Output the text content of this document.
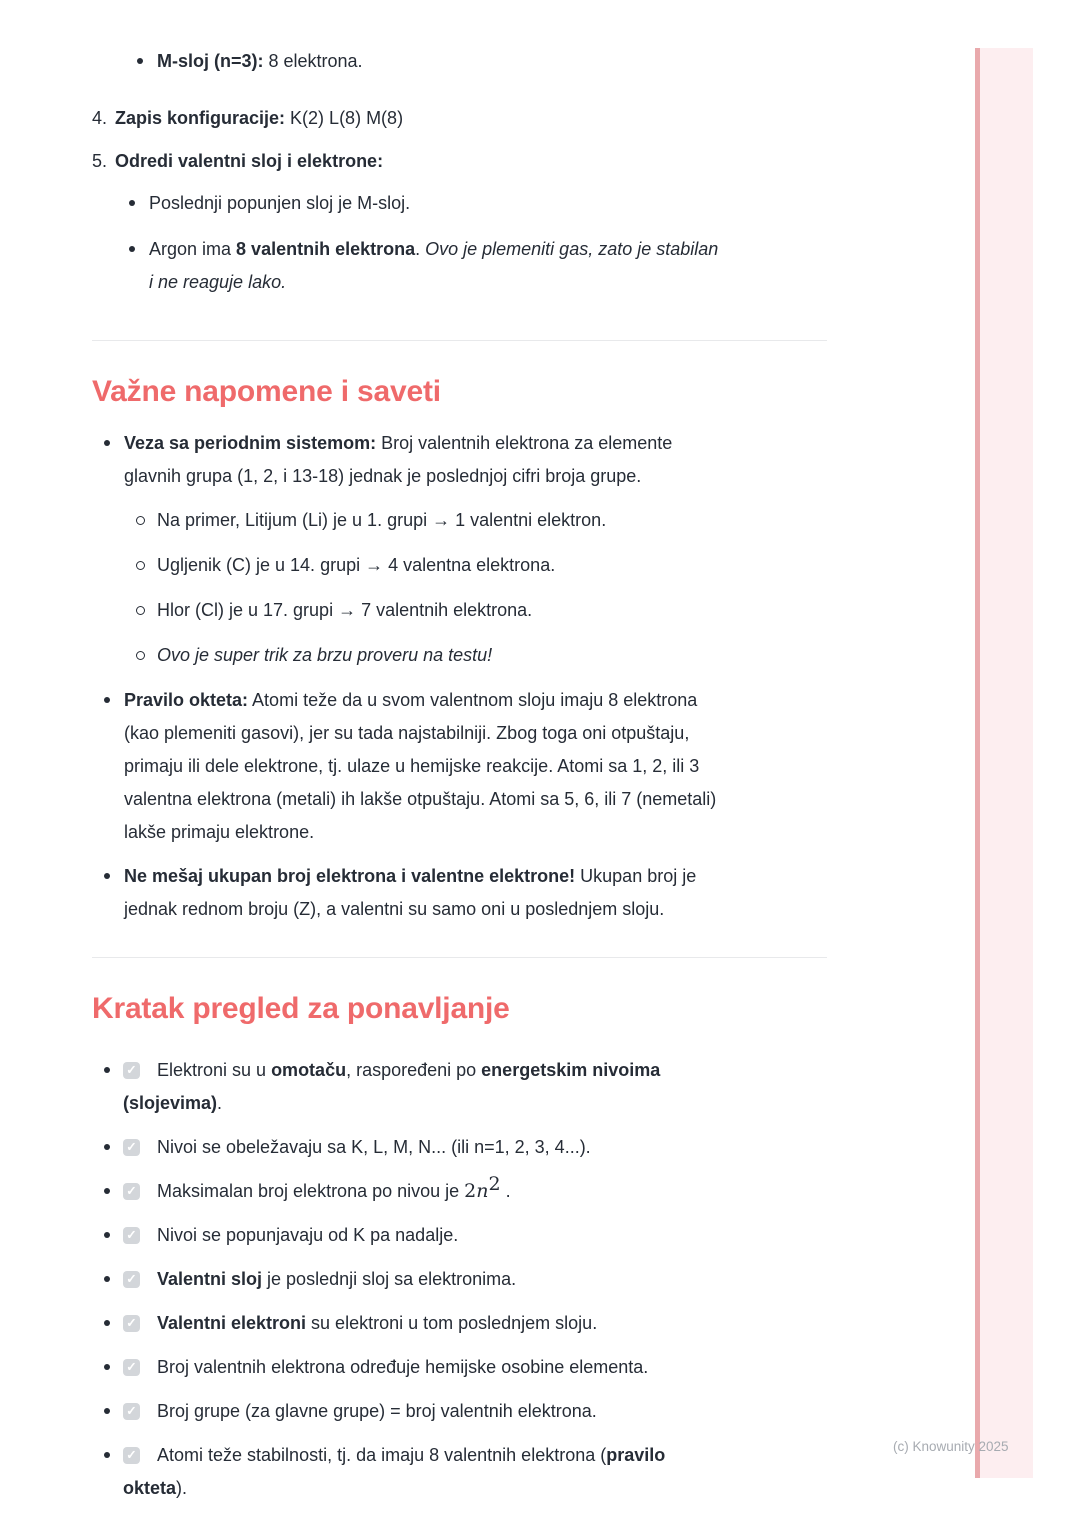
(c) Knowunity 2025
M-sloj (n=3): 8 elektrona.
4. Zapis konfiguracije: K(2) L(8) M(8)
5. Odredi valentni sloj i elektrone:
Poslednji popunjen sloj je M-sloj.
Argon ima 8 valentnih elektrona. Ovo je plemeniti gas, zato je stabilan
i ne reaguje lako.
Važne napomene i saveti
Veza sa periodnim sistemom: Broj valentnih elektrona za elemente
glavnih grupa (1, 2, i 13-18) jednak je poslednjoj cifri broja grupe.
Na primer, Litijum (Li) je u 1. grupi → 1 valentni elektron.
Ugljenik (C) je u 14. grupi → 4 valentna elektrona.
Hlor (Cl) je u 17. grupi → 7 valentnih elektrona.
Ovo je super trik za brzu proveru na testu!
Pravilo okteta: Atomi teže da u svom valentnom sloju imaju 8 elektrona
(kao plemeniti gasovi), jer su tada najstabilniji. Zbog toga oni otpuštaju,
primaju ili dele elektrone, tj. ulaze u hemijske reakcije. Atomi sa 1, 2, ili 3
valentna elektrona (metali) ih lakše otpuštaju. Atomi sa 5, 6, ili 7 (nemetali)
lakše primaju elektrone.
Ne mešaj ukupan broj elektrona i valentne elektrone! Ukupan broj je
jednak rednom broju (Z), a valentni su samo oni u poslednjem sloju.
Kratak pregled za ponavljanje
✓Elektroni su u omotaču, raspoređeni po energetskim nivoima
(slojevima).
✓Nivoi se obeležavaju sa K, L, M, N... (ili n=1, 2, 3, 4...).
✓Maksimalan broj elektrona po nivou je $2n^2$ .
✓Nivoi se popunjavaju od K pa nadalje.
✓Valentni sloj je poslednji sloj sa elektronima.
✓Valentni elektroni su elektroni u tom poslednjem sloju.
✓Broj valentnih elektrona određuje hemijske osobine elementa.
✓Broj grupe (za glavne grupe) = broj valentnih elektrona.
✓Atomi teže stabilnosti, tj. da imaju 8 valentnih elektrona (pravilo
okteta).
